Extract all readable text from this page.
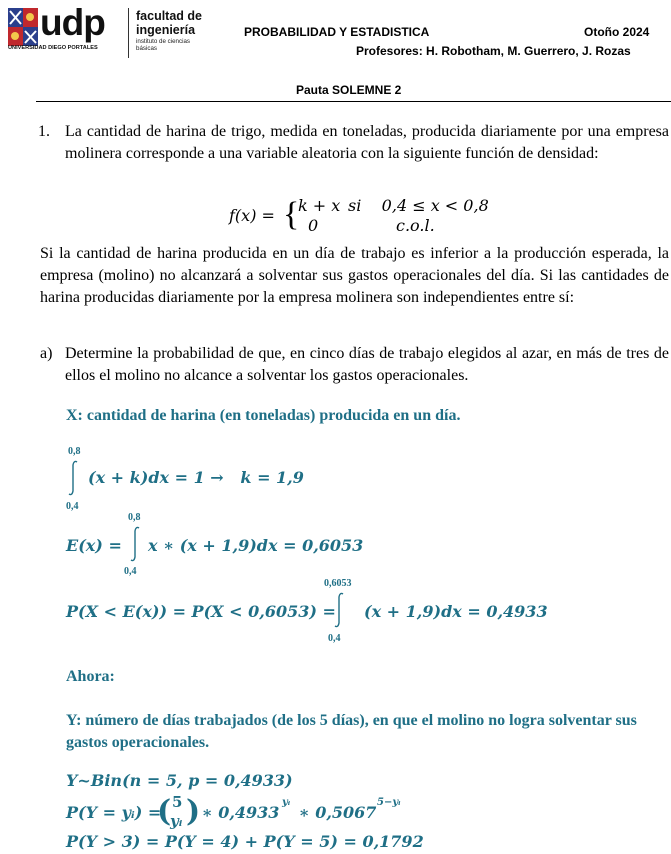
udp
UNIVERSIDAD DIEGO PORTALES
facultad de
ingeniería
instituto de ciencias
básicas
PROBABILIDAD Y ESTADISTICA	Otoño 2024
Profesores: H. Robotham, M. Guerrero, J. Rozas
Pauta SOLEMNE 2
1. La cantidad de harina de trigo, medida en toneladas, producida diariamente por una empresa molinera corresponde a una variable aleatoria con la siguiente función de densidad:
f(x) = {
k + x si    0,4 ≤ x < 0,8
0	c.o.l.
Si la cantidad de harina producida en un día de trabajo es inferior a la producción esperada, la empresa (molino) no alcanzará a solventar sus gastos operacionales del día. Si las cantidades de harina producidas diariamente por la empresa molinera son independientes entre sí:
a) Determine la probabilidad de que, en cinco días de trabajo elegidos al azar, en más de tres de ellos el molino no alcance a solventar los gastos operacionales.
X: cantidad de harina (en toneladas) producida en un día.
0,8
0,4
(x + k)dx = 1 →   k = 1,9
E(x) =
0,8
0,4
x ∗ (x + 1,9)dx = 0,6053
P(X < E(x)) = P(X < 0,6053) =
0,6053
0,4
(x + 1,9)dx = 0,4933
Ahora:
Y: número de días trabajados (de los 5 días), en que el molino no logra solventar sus gastos operacionales.
Y~Bin(n = 5, p = 0,4933)
P(Y = yᵢ) =
( 5
yᵢ )
∗ 0,4933
yᵢ
∗ 0,5067
5−yᵢ
P(Y > 3) = P(Y = 4) + P(Y = 5) = 0,1792
